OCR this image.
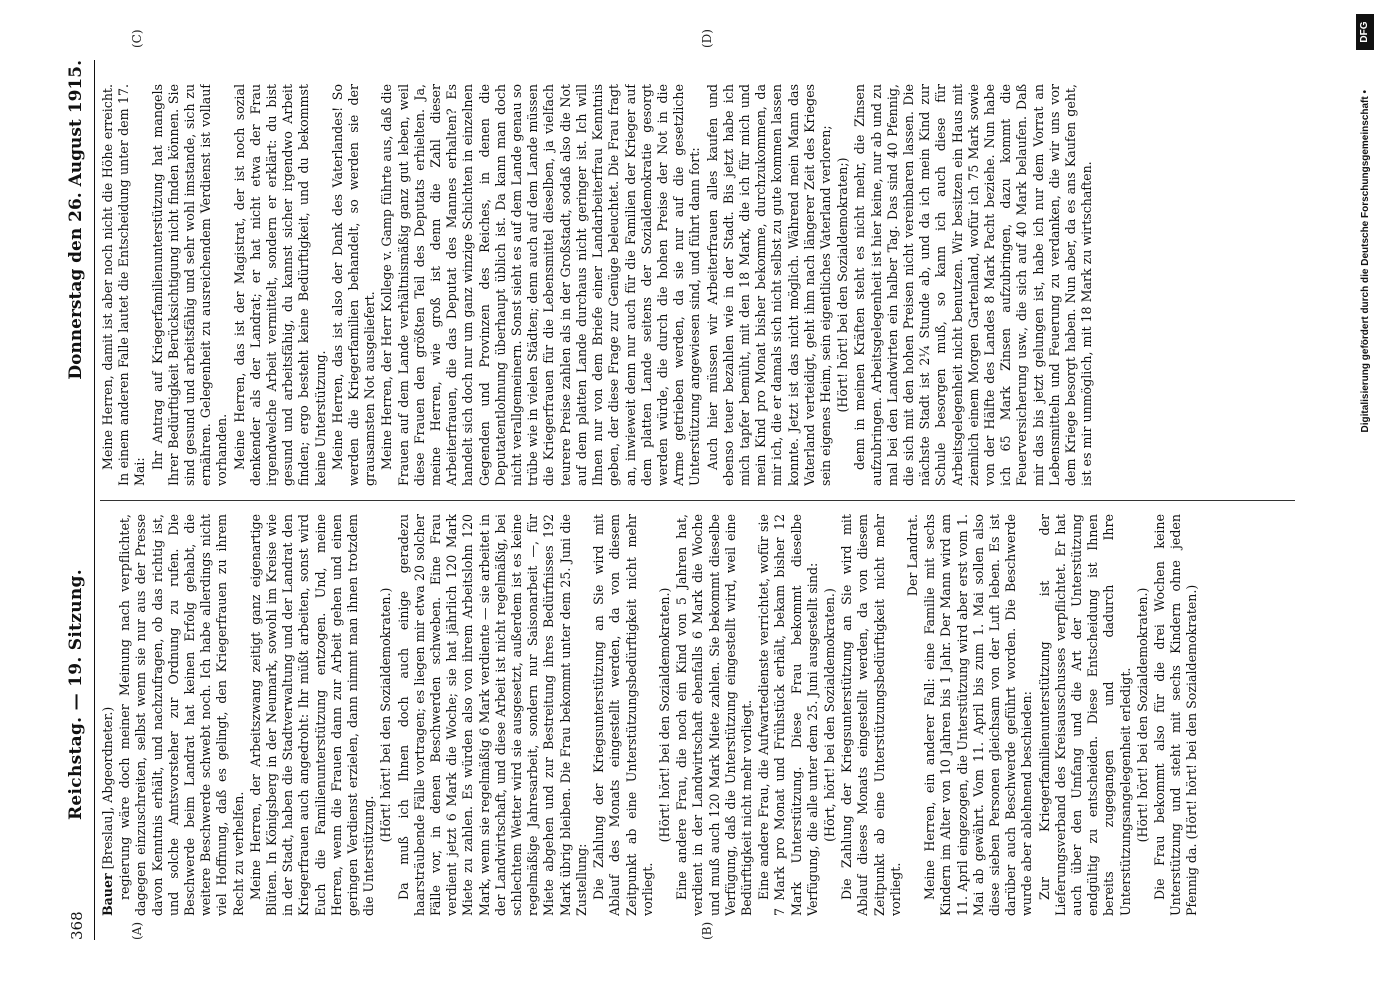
368
Reichstag. — 19. Sitzung.
Donnerstag den 26. August 1915.
(A)	(B)
(C)	(D)

Bauer [Breslau], Abgeordneter.) regierung wäre doch meiner Meinung nach verpflichtet, dagegen einzuschreiten, selbst wenn sie nur aus der Presse davon Kenntnis erhält, und nachzufragen, ob das richtig ist, und solche Amtsvorsteher zur Ordnung zu rufen. Die Beschwerde beim Landrat hat keinen Erfolg gehabt, die weitere Beschwerde schwebt noch. Ich habe allerdings nicht viel Hoffnung, daß es gelingt, den Kriegerfrauen zu ihrem Recht zu verhelfen. Meine Herren, der Arbeitszwang zeitigt ganz eigenartige Blüten. In Königsberg in der Neumark, sowohl im Kreise wie in der Stadt, haben die Stadtverwaltung und der Landrat den Kriegerfrauen auch angedroht: Ihr müßt arbeiten, sonst wird Euch die Familienunterstützung entzogen. Und, meine Herren, wenn die Frauen dann zur Arbeit gehen und einen geringen Verdienst erzielen, dann nimmt man ihnen trotzdem die Unterstützung.

(Hört! hört! bei den Sozialdemokraten.) Da muß ich Ihnen doch auch einige geradezu haarsträubende Fälle vortragen; es liegen mir etwa 20 solcher Fälle vor, in denen Beschwerden schweben. Eine Frau verdient jetzt 6 Mark die Woche; sie hat jährlich 120 Mark Miete zu zahlen. Es würden also von ihrem Arbeitslohn 120 Mark, wenn sie regelmäßig 6 Mark verdiente — sie arbeitet in der Landwirtschaft, und diese Arbeit ist nicht regelmäßig, bei schlechtem Wetter wird sie ausgesetzt, außerdem ist es keine regelmäßige Jahresarbeit, sondern nur Saisonarbeit —, für Miete abgehen und zur Bestreitung ihres Bedürfnisses 192 Mark übrig bleiben. Die Frau bekommt unter dem 25. Juni die Zustellung: Die Zahlung der Kriegsunterstützung an Sie wird mit Ablauf des Monats eingestellt werden, da von diesem Zeitpunkt ab eine Unterstützungsbedürftigkeit nicht mehr vorliegt.

(Hört! hört! bei den Sozialdemokraten.) Eine andere Frau, die noch ein Kind von 5 Jahren hat, verdient in der Landwirtschaft ebenfalls 6 Mark die Woche und muß auch 120 Mark Miete zahlen. Sie bekommt dieselbe Verfügung, daß die Unterstützung eingestellt wird, weil eine Bedürftigkeit nicht mehr vorliegt. Eine andere Frau, die Aufwartedienste verrichtet, wofür sie 7 Mark pro Monat und Frühstück erhält, bekam bisher 12 Mark Unterstützung. Diese Frau bekommt dieselbe Verfügung, die alle unter dem 25. Juni ausgestellt sind: (Hört, hört! bei den Sozialdemokraten.) Die Zahlung der Kriegsunterstützung an Sie wird mit Ablauf dieses Monats eingestellt werden, da von diesem Zeitpunkt ab eine Unterstützungsbedürftigkeit nicht mehr vorliegt.

Der Landrat. Meine Herren, ein anderer Fall: eine Familie mit sechs Kindern im Alter von 10 Jahren bis 1 Jahr. Der Mann wird am 11. April eingezogen, die Unterstützung wird aber erst vom 1. Mai ab gewährt. Vom 11. April bis zum 1. Mai sollen also diese sieben Personen gleichsam von der Luft leben. Es ist darüber auch Beschwerde geführt worden. Die Beschwerde wurde aber ablehnend beschieden: Zur Kriegerfamilienunterstützung ist der Lieferungsverband des Kreisausschusses verpflichtet. Er hat auch über den Umfang und die Art der Unterstützung endgültig zu entscheiden. Diese Entscheidung ist Ihnen bereits zugegangen und dadurch Ihre Unterstützungsangelegenheit erledigt. (Hört! hört! bei den Sozialdemokraten.) Die Frau bekommt also für die drei Wochen keine Unterstützung und steht mit sechs Kindern ohne jeden Pfennig da. (Hört! hört! bei den Sozialdemokraten.)

Meine Herren, damit ist aber noch nicht die Höhe erreicht. In einem anderen Falle lautet die Entscheidung unter dem 17. Mai:

Ihr Antrag auf Kriegerfamilienunterstützung hat mangels Ihrer Bedürftigkeit Berücksichtigung nicht finden können. Sie sind gesund und arbeitsfähig und sehr wohl imstande, sich zu ernähren. Gelegenheit zu ausreichendem Verdienst ist vollauf vorhanden. Meine Herren, das ist der Magistrat, der ist noch sozial denkender als der Landrat; er hat nicht etwa der Frau irgendwelche Arbeit vermittelt, sondern er erklärt: du bist gesund und arbeitsfähig, du kannst sicher irgendwo Arbeit finden; ergo besteht keine Bedürftigkeit, und du bekommst keine Unterstützung. Meine Herren, das ist also der Dank des Vaterlandes! So werden die Kriegerfamilien behandelt, so werden sie der grausamsten Not ausgeliefert. Meine Herren, der Herr Kollege v. Gamp führte aus, daß die Frauen auf dem Lande verhältnismäßig ganz gut leben, weil diese Frauen den größten Teil des Deputats erhielten. Ja, meine Herren, wie groß ist denn die Zahl dieser Arbeiterfrauen, die das Deputat des Mannes erhalten? Es handelt sich doch nur um ganz winzige Schichten in einzelnen Gegenden und Provinzen des Reiches, in denen die Deputatentlohnung überhaupt üblich ist. Da kann man doch nicht verallgemeinern. Sonst sieht es auf dem Lande genau so trübe wie in vielen Städten; denn auch auf dem Lande müssen die Kriegerfrauen für die Lebensmittel dieselben, ja vielfach teurere Preise zahlen als in der Großstadt, sodaß also die Not auf dem platten Lande durchaus nicht geringer ist. Ich will Ihnen nur von dem Briefe einer Landarbeiterfrau Kenntnis geben, der diese Frage zur Genüge beleuchtet. Die Frau fragt an, inwieweit denn nur auch für die Familien der Krieger auf dem platten Lande seitens der Sozialdemokratie gesorgt werden würde, die durch die hohen Preise der Not in die Arme getrieben werden, da sie nur auf die gesetzliche Unterstützung angewiesen sind, und führt dann fort: Auch hier müssen wir Arbeiterfrauen alles kaufen und ebenso teuer bezahlen wie in der Stadt. Bis jetzt habe ich mich tapfer bemüht, mit den 18 Mark, die ich für mich und mein Kind pro Monat bisher bekomme, durchzukommen, da mir ich, die er damals sich nicht selbst zu gute kommen lassen konnte. Jetzt ist das nicht möglich. Während mein Mann das Vaterland verteidigt, geht ihm nach längerer Zeit des Krieges sein eigenes Heim, sein eigentliches Vaterland verloren; (Hört! hört! bei den Sozialdemokraten;) denn in meinen Kräften steht es nicht mehr, die Zinsen aufzubringen. Arbeitsgelegenheit ist hier keine, nur ab und zu mal bei den Landwirten ein halber Tag. Das sind 40 Pfennig, die sich mit den hohen Preisen nicht vereinbaren lassen. Die nächste Stadt ist 2¼ Stunde ab, und da ich mein Kind zur Schule besorgen muß, so kann ich auch diese für Arbeitsgelegenheit nicht benutzen. Wir besitzen ein Haus mit ziemlich einem Morgen Gartenland, wofür ich 75 Mark sowie von der Hälfte des Landes 8 Mark Pacht beziehe. Nun habe ich 65 Mark Zinsen aufzubringen, dazu kommt die Feuerversicherung usw., die sich auf 40 Mark belaufen. Daß mir das bis jetzt gelungen ist, habe ich nur dem Vorrat an Lebensmitteln und Feuerung zu verdanken, die wir uns vor dem Kriege besorgt haben. Nun aber, da es ans Kaufen geht, ist es mir unmöglich, mit 18 Mark zu wirtschaften.	Digitalisierung gefördert durch die Deutsche Forschungsgemeinschaft •
DFG
